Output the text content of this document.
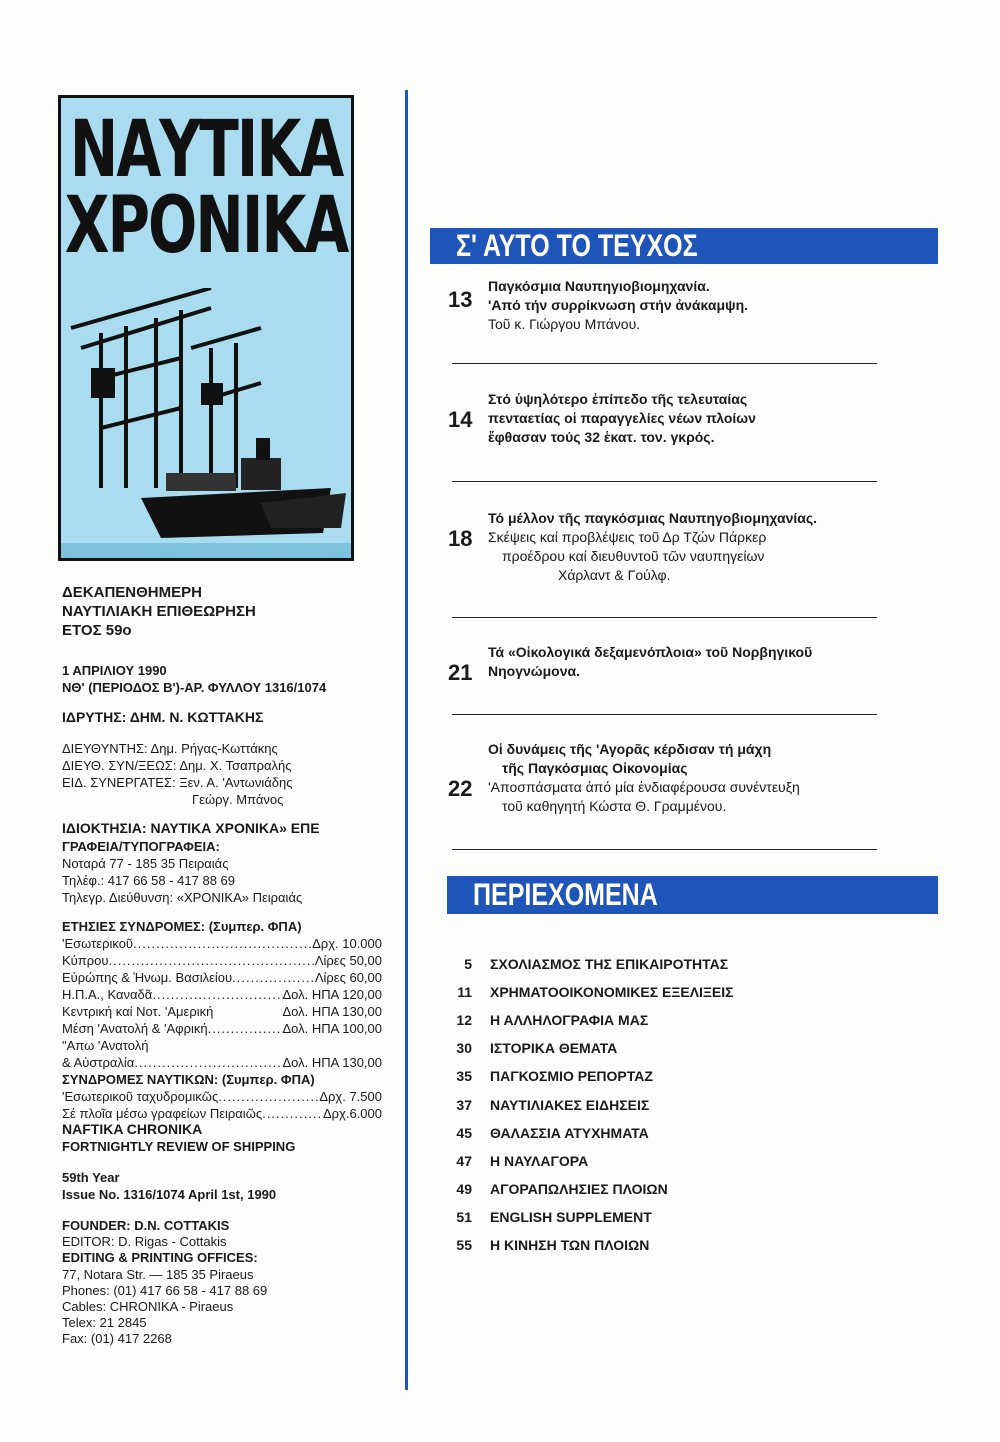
ΝΑΥΤΙΚΑ
ΧΡΟΝΙΚΑ
ΔΕΚΑΠΕΝΘΗΜΕΡΗ
ΝΑΥΤΙΛΙΑΚΗ ΕΠΙΘΕΩΡΗΣΗ
ΕΤΟΣ 59ο
1 ΑΠΡΙΛΙΟΥ 1990
ΝΘ' (ΠΕΡΙΟΔΟΣ Β')-ΑΡ. ΦΥΛΛΟΥ 1316/1074
ΙΔΡΥΤΗΣ: ΔΗΜ. Ν. ΚΩΤΤΑΚΗΣ
ΔΙΕΥΘΥΝΤΗΣ: Δημ. Ρήγας-Κωττάκης
ΔΙΕΥΘ. ΣΥΝ/ΞΕΩΣ: Δημ. Χ. Τσαπραλής
ΕΙΔ. ΣΥΝΕΡΓΑΤΕΣ: Ξεν. Α. 'Αντωνιάδης
Γεώργ. Μπάνος
ΙΔΙΟΚΤΗΣΙΑ: ΝΑΥΤΙΚΑ ΧΡΟΝΙΚΑ» ΕΠΕ
ΓΡΑΦΕΙΑ/ΤΥΠΟΓΡΑΦΕΙΑ:
Νοταρά 77 - 185 35 Πειραιάς
Τηλέφ.: 417 66 58 - 417 88 69
Τηλεγρ. Διεύθυνση: «ΧΡΟΝΙΚΑ» Πειραιάς
ΕΤΗΣΙΕΣ ΣΥΝΔΡΟΜΕΣ: (Συμπερ. ΦΠΑ)
'Εσωτερικοῦ .....	Δρχ. 10.000
Κύπρου .....	Λίρες 50,00
Εὐρώπης & Ἡνωμ. Βασιλείου .....	Λίρες 60,00
Η.Π.Α., Καναδᾶ .....	Δολ. ΗΠΑ 120,00
Κεντρική καί Νοτ. 'Αμερική	Δολ. ΗΠΑ 130,00
Μέση 'Ανατολή & 'Αφρική .....	Δολ. ΗΠΑ 100,00
"Απω 'Ανατολή
& Αὐστραλία .....	Δολ. ΗΠΑ 130,00
ΣΥΝΔΡΟΜΕΣ ΝΑΥΤΙΚΩΝ: (Συμπερ. ΦΠΑ)
'Εσωτερικοῦ ταχυδρομικῶς .....	Δρχ. 7.500
Σέ πλοῖα μέσω γραφείων Πειραιῶς .....	Δρχ.6.000
NAFTIKA CHRONIKA
FORTNIGHTLY REVIEW OF SHIPPING
59th Year
Issue No. 1316/1074 April 1st, 1990
FOUNDER: D.N. COTTAKIS
EDITOR: D. Rigas - Cottakis
EDITING & PRINTING OFFICES:
77, Notara Str. — 185 35 Piraeus
Phones: (01) 417 66 58 - 417 88 69
Cables: CHRONIKA - Piraeus
Telex: 21 2845
Fax: (01) 417 2268
Σ' ΑΥΤΟ ΤΟ ΤΕΥΧΟΣ
13
Παγκόσμια Ναυπηγιοβιομηχανία.
'Από τήν συρρίκνωση στήν ἀνάκαμψη.
Τοῦ κ. Γιώργου Μπάνου.
14
Στό ὑψηλότερο ἐπίπεδο τῆς τελευταίας
πενταετίας οἱ παραγγελίες νέων πλοίων
ἔφθασαν τούς 32 ἑκατ. τον. γκρός.
18
Τό μέλλον τῆς παγκόσμιας Ναυπηγοβιομηχανίας.
Σκέψεις καί προβλέψεις τοῦ Δρ Τζών Πάρκερ
προέδρου καί διευθυντοῦ τῶν ναυπηγείων
Χάρλαντ & Γούλφ.
21
Τά «Οἰκολογικά δεξαμενόπλοια» τοῦ Νορβηγικοῦ
Νηογνώμονα.
22
Οἱ δυνάμεις τῆς 'Αγορᾶς κέρδισαν τή μάχη
τῆς Παγκόσμιας Οἰκονομίας
'Αποσπάσματα ἀπό μία ἐνδιαφέρουσα συνέντευξη
τοῦ καθηγητή Κώστα Θ. Γραμμένου.
ΠΕΡΙΕΧΟΜΕΝΑ
5 ΣΧΟΛΙΑΣΜΟΣ ΤΗΣ ΕΠΙΚΑΙΡΟΤΗΤΑΣ
11 ΧΡΗΜΑΤΟΟΙΚΟΝΟΜΙΚΕΣ ΕΞΕΛΙΞΕΙΣ
12 Η ΑΛΛΗΛΟΓΡΑΦΙΑ ΜΑΣ
30 ΙΣΤΟΡΙΚΑ ΘΕΜΑΤΑ
35 ΠΑΓΚΟΣΜΙΟ ΡΕΠΟΡΤΑΖ
37 ΝΑΥΤΙΛΙΑΚΕΣ ΕΙΔΗΣΕΙΣ
45 ΘΑΛΑΣΣΙΑ ΑΤΥΧΗΜΑΤΑ
47 Η ΝΑΥΛΑΓΟΡΑ
49 ΑΓΟΡΑΠΩΛΗΣΙΕΣ ΠΛΟΙΩΝ
51 ENGLISH SUPPLEMENT
55 Η ΚΙΝΗΣΗ ΤΩΝ ΠΛΟΙΩΝ
